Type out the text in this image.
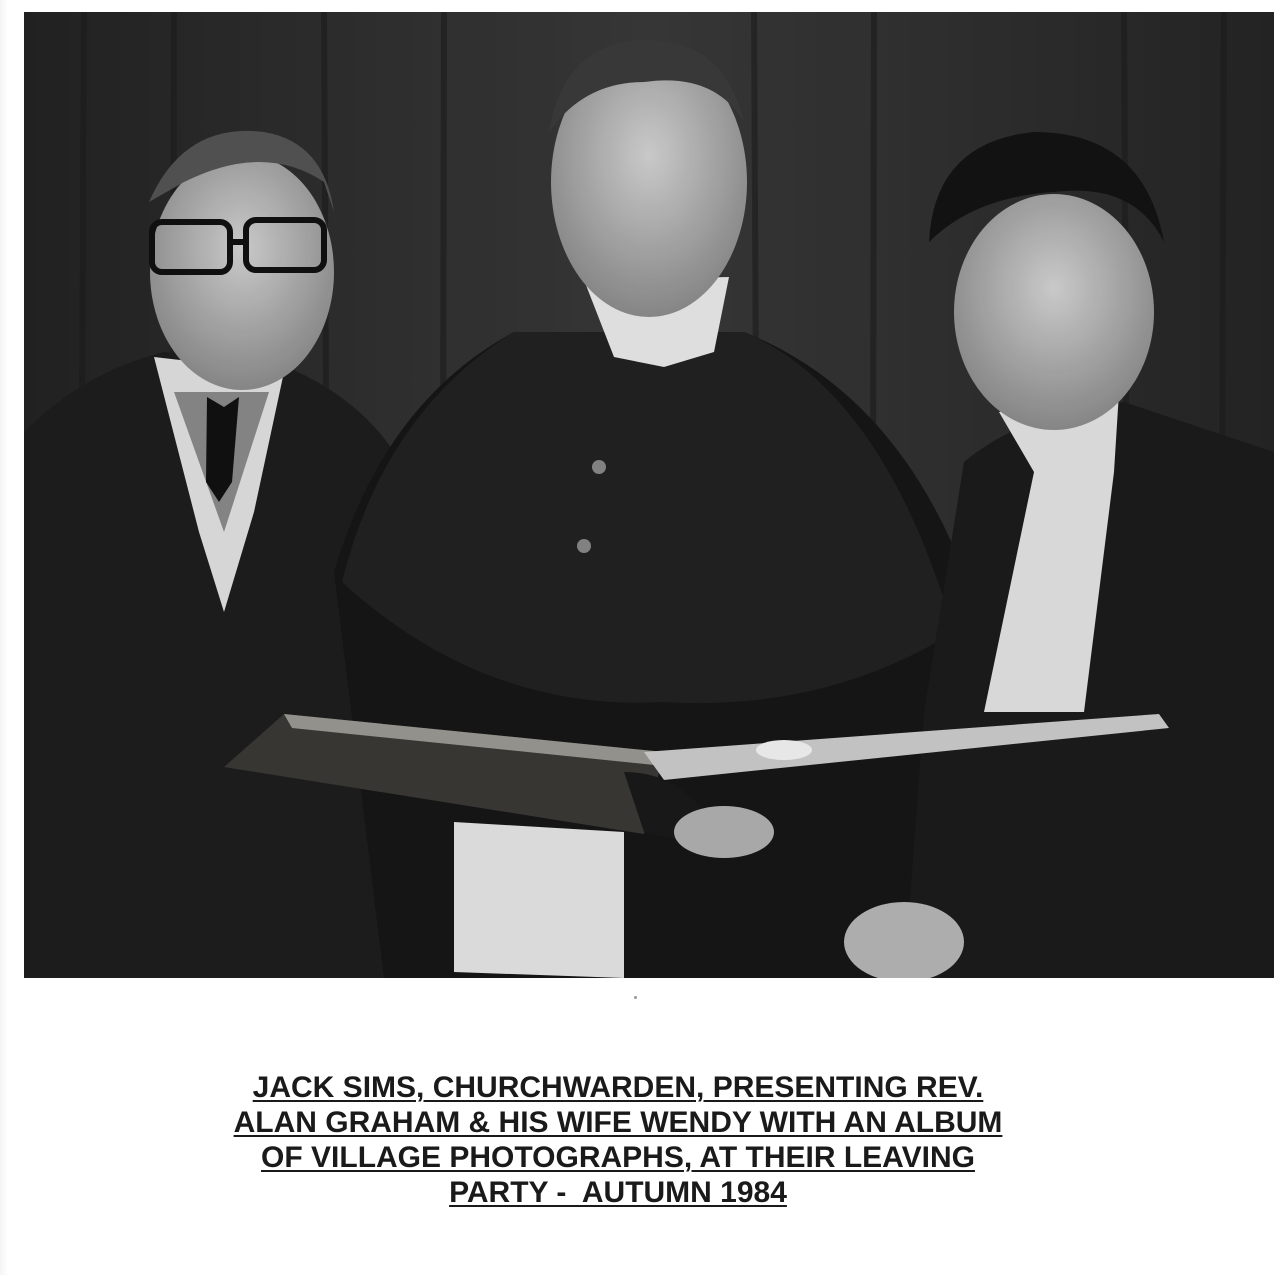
JACK SIMS, CHURCHWARDEN, PRESENTING REV.
ALAN GRAHAM & HIS WIFE WENDY WITH AN ALBUM
OF VILLAGE PHOTOGRAPHS, AT THEIR LEAVING
PARTY -  AUTUMN 1984
